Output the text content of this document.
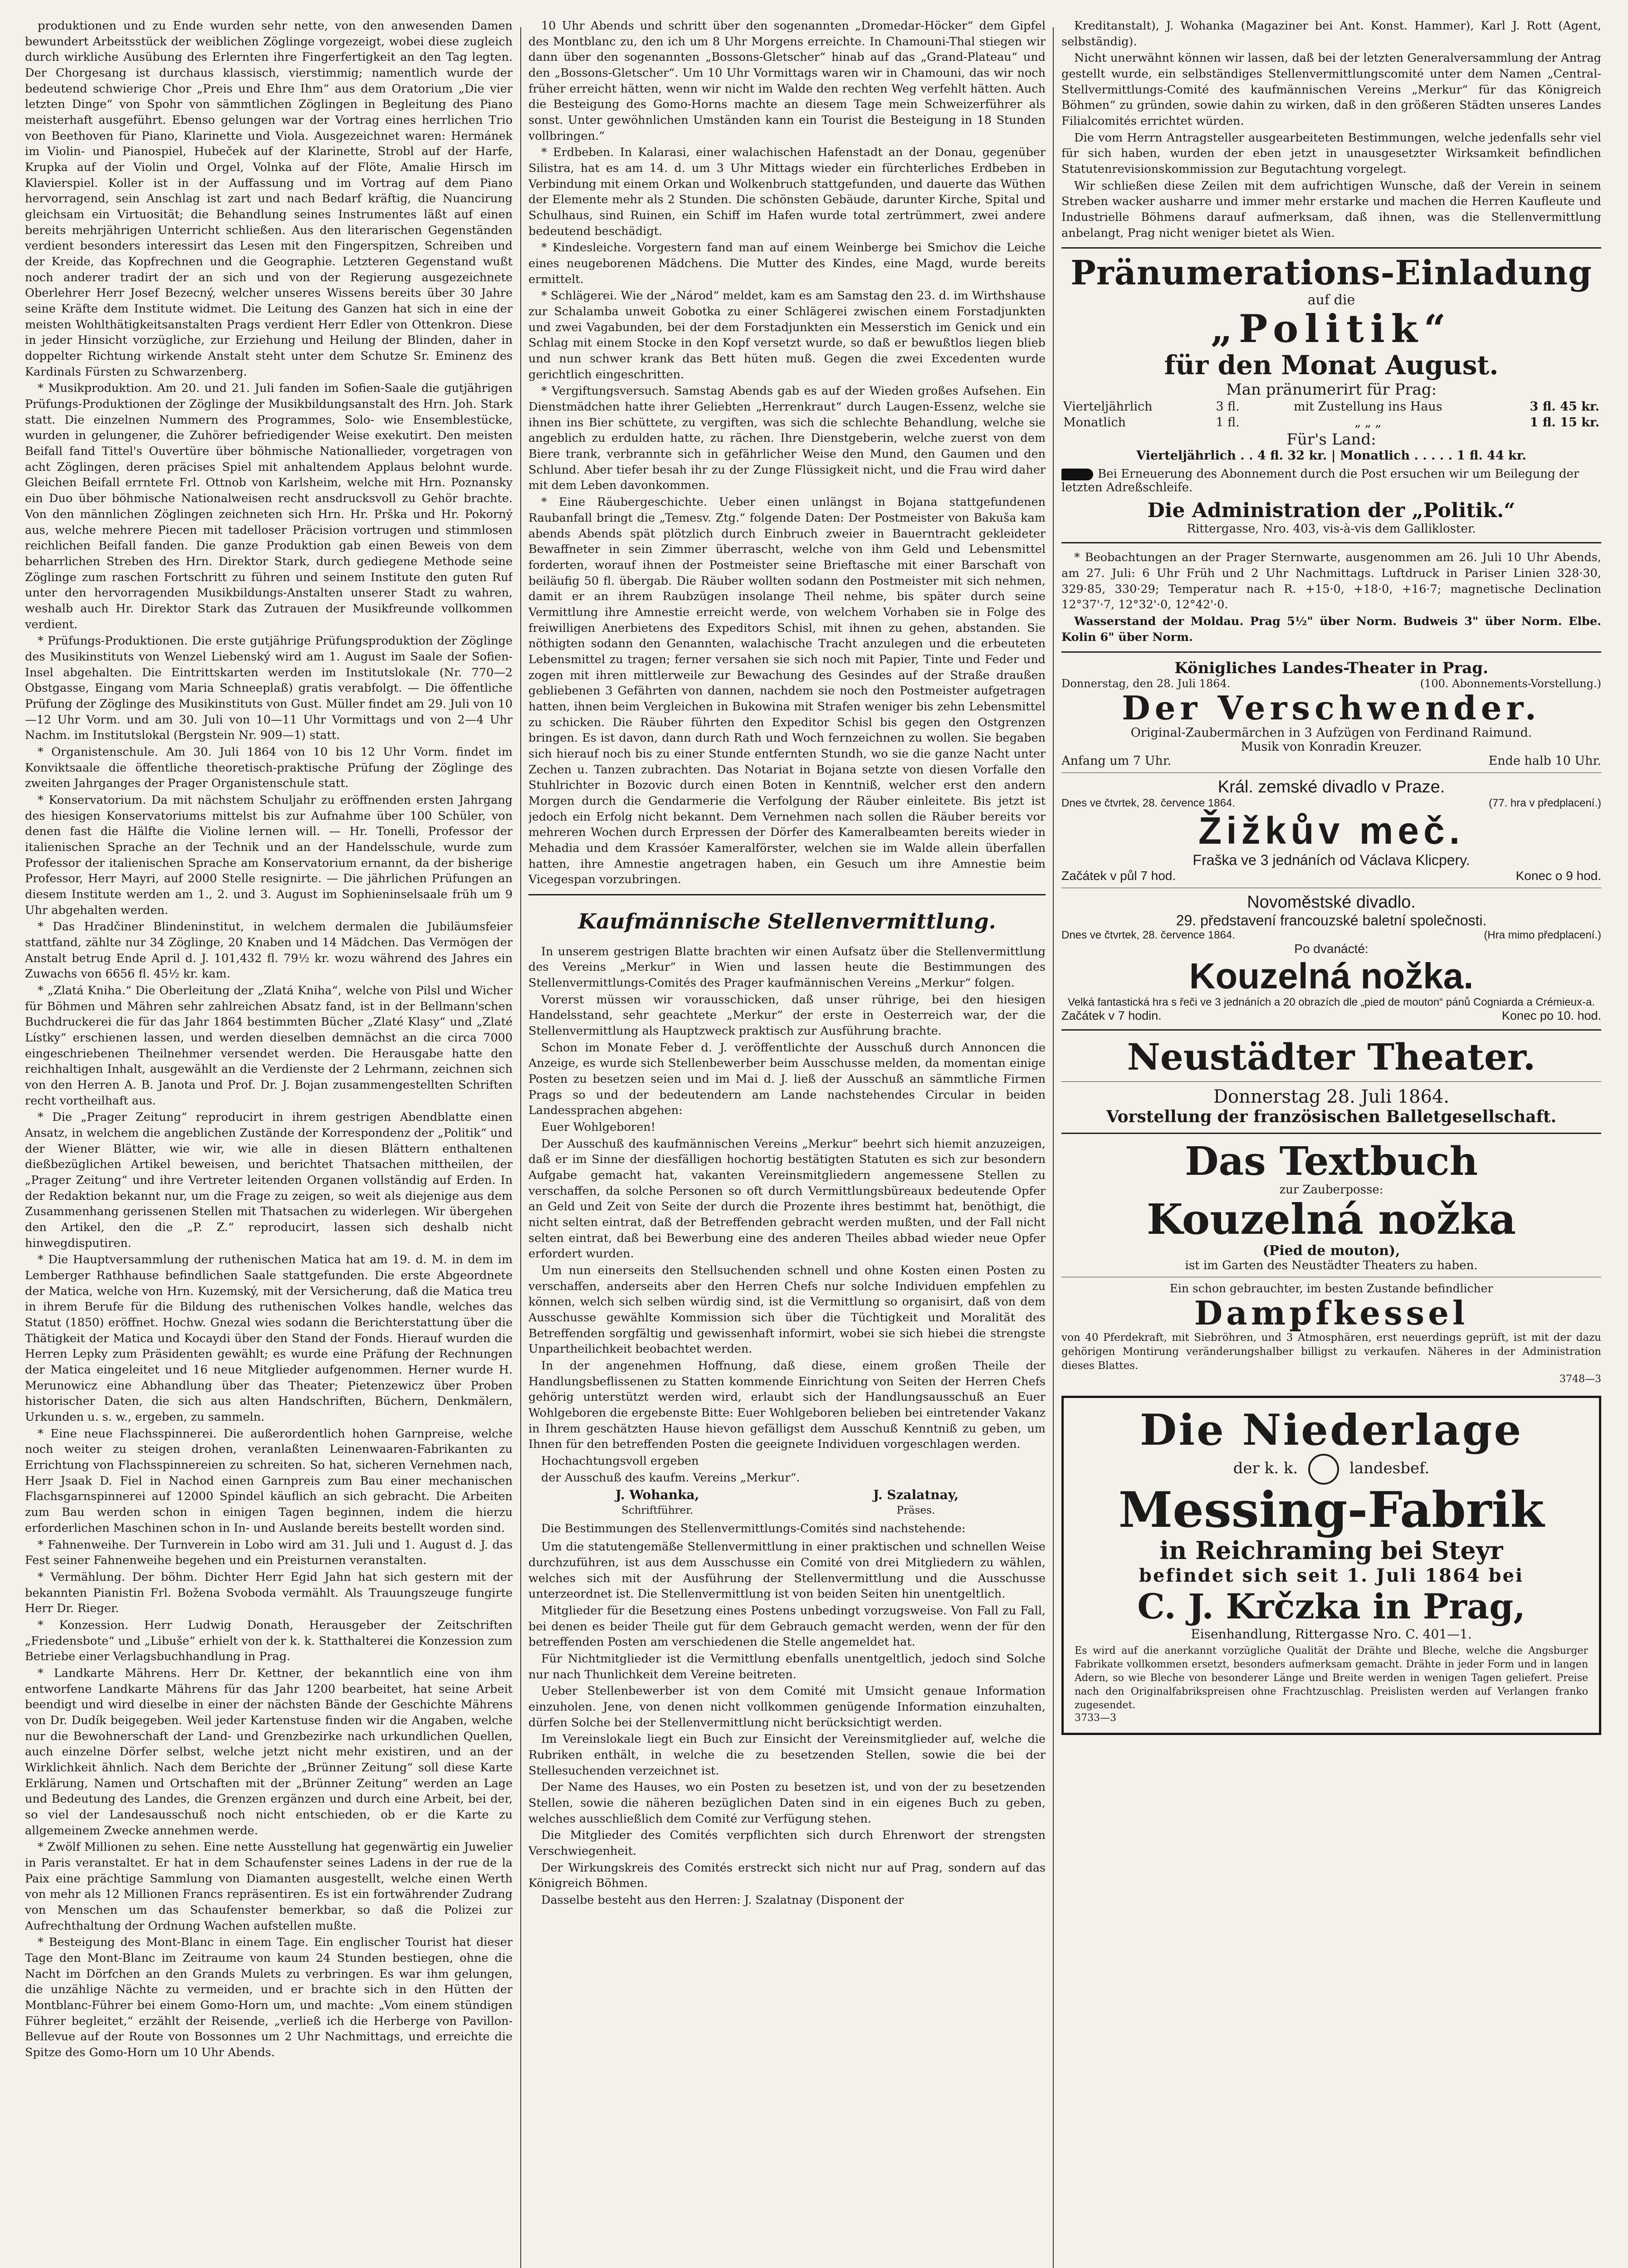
produktionen und zu Ende wurden sehr nette, von den anwesenden Damen bewundert Arbeitsstück der weiblichen Zöglinge vorgezeigt, wobei diese zugleich durch wirkliche Ausübung des Erlernten ihre Fingerfertigkeit an den Tag legten. Der Chorgesang ist durchaus klassisch, vierstimmig; namentlich wurde der bedeutend schwierige Chor „Preis und Ehre Ihm“ aus dem Oratorium „Die vier letzten Dinge“ von Spohr von sämmtlichen Zöglingen in Begleitung des Piano meisterhaft ausgeführt. Ebenso gelungen war der Vortrag eines herrlichen Trio von Beethoven für Piano, Klarinette und Viola. Ausgezeichnet waren: Hermánek im Violin- und Pianospiel, Hubeček auf der Klarinette, Strobl auf der Harfe, Krupka auf der Violin und Orgel, Volnka auf der Flöte, Amalie Hirsch im Klavierspiel. Koller ist in der Auffassung und im Vortrag auf dem Piano hervorragend, sein Anschlag ist zart und nach Bedarf kräftig, die Nuancirung gleichsam ein Virtuosität; die Behandlung seines Instrumentes läßt auf einen bereits mehrjährigen Unterricht schließen. Aus den literarischen Gegenständen verdient besonders interessirt das Lesen mit den Fingerspitzen, Schreiben und der Kreide, das Kopfrechnen und die Geographie. Letzteren Gegenstand wußt noch anderer tradirt der an sich und von der Regierung ausgezeichnete Oberlehrer Herr Josef Bezecný, welcher unseres Wissens bereits über 30 Jahre seine Kräfte dem Institute widmet. Die Leitung des Ganzen hat sich in eine der meisten Wohlthätigkeitsanstalten Prags verdient Herr Edler von Ottenkron. Diese in jeder Hinsicht vorzügliche, zur Erziehung und Heilung der Blinden, daher in doppelter Richtung wirkende Anstalt steht unter dem Schutze Sr. Eminenz des Kardinals Fürsten zu Schwarzenberg.

* Musikproduktion. Am 20. und 21. Juli fanden im Sofien-Saale die gutjährigen Prüfungs-Produktionen der Zöglinge der Musikbildungsanstalt des Hrn. Joh. Stark statt. Die einzelnen Nummern des Programmes, Solo- wie Ensemblestücke, wurden in gelungener, die Zuhörer befriedigender Weise exekutirt. Den meisten Beifall fand Tittel's Ouvertüre über böhmische Nationallieder, vorgetragen von acht Zöglingen, deren präcises Spiel mit anhaltendem Applaus belohnt wurde. Gleichen Beifall errntete Frl. Ottnob von Karlsheim, welche mit Hrn. Poznansky ein Duo über böhmische Nationalweisen recht ansdrucksvoll zu Gehör brachte. Von den männlichen Zöglingen zeichneten sich Hrn. Hr. Prška und Hr. Pokorný aus, welche mehrere Piecen mit tadelloser Präcision vortrugen und stimmlosen reichlichen Beifall fanden. Die ganze Produktion gab einen Beweis von dem beharrlichen Streben des Hrn. Direktor Stark, durch gediegene Methode seine Zöglinge zum raschen Fortschritt zu führen und seinem Institute den guten Ruf unter den hervorragenden Musikbildungs-Anstalten unserer Stadt zu wahren, weshalb auch Hr. Direktor Stark das Zutrauen der Musikfreunde vollkommen verdient.

* Prüfungs-Produktionen. Die erste gutjährige Prüfungsproduktion der Zöglinge des Musikinstituts von Wenzel Liebenský wird am 1. August im Saale der Sofien-Insel abgehalten. Die Eintrittskarten werden im Institutslokale (Nr. 770—2 Obstgasse, Eingang vom Maria Schneeplaß) gratis verabfolgt. — Die öffentliche Prüfung der Zöglinge des Musikinstituts von Gust. Müller findet am 29. Juli von 10—12 Uhr Vorm. und am 30. Juli von 10—11 Uhr Vormittags und von 2—4 Uhr Nachm. im Institutslokal (Bergstein Nr. 909—1) statt.

* Organistenschule. Am 30. Juli 1864 von 10 bis 12 Uhr Vorm. findet im Konviktsaale die öffentliche theoretisch-praktische Prüfung der Zöglinge des zweiten Jahrganges der Prager Organistenschule statt.

* Konservatorium. Da mit nächstem Schuljahr zu eröffnenden ersten Jahrgang des hiesigen Konservatoriums mittelst bis zur Aufnahme über 100 Schüler, von denen fast die Hälfte die Violine lernen will. — Hr. Tonelli, Professor der italienischen Sprache an der Technik und an der Handelsschule, wurde zum Professor der italienischen Sprache am Konservatorium ernannt, da der bisherige Professor, Herr Mayri, auf 2000 Stelle resignirte. — Die jährlichen Prüfungen an diesem Institute werden am 1., 2. und 3. August im Sophieninselsaale früh um 9 Uhr abgehalten werden.

* Das Hradčiner Blindeninstitut, in welchem dermalen die Jubiläumsfeier stattfand, zählte nur 34 Zöglinge, 20 Knaben und 14 Mädchen. Das Vermögen der Anstalt betrug Ende April d. J. 101,432 fl. 79½ kr. wozu während des Jahres ein Zuwachs von 6656 fl. 45½ kr. kam.

* „Zlatá Kniha.“ Die Oberleitung der „Zlatá Kniha“, welche von Pilsl und Wicher für Böhmen und Mähren sehr zahlreichen Absatz fand, ist in der Bellmann'schen Buchdruckerei die für das Jahr 1864 bestimmten Bücher „Zlaté Klasy“ und „Zlaté Lístky“ erschienen lassen, und werden dieselben demnächst an die circa 7000 eingeschriebenen Theilnehmer versendet werden. Die Herausgabe hatte den reichhaltigen Inhalt, ausgewählt an die Verdienste der 2 Lehrmann, zeichnen sich von den Herren A. B. Janota und Prof. Dr. J. Bojan zusammengestellten Schriften recht vortheilhaft aus.

* Die „Prager Zeitung“ reproducirt in ihrem gestrigen Abendblatte einen Ansatz, in welchem die angeblichen Zustände der Korrespondenz der „Politik“ und der Wiener Blätter, wie wir, wie alle in diesen Blättern enthaltenen dießbezüglichen Artikel beweisen, und berichtet Thatsachen mittheilen, der „Prager Zeitung“ und ihre Vertreter leitenden Organen vollständig auf Erden. In der Redaktion bekannt nur, um die Frage zu zeigen, so weit als diejenige aus dem Zusammenhang gerissenen Stellen mit Thatsachen zu widerlegen. Wir übergehen den Artikel, den die „P. Z.“ reproducirt, lassen sich deshalb nicht hinwegdisputiren.

* Die Hauptversammlung der ruthenischen Matica hat am 19. d. M. in dem im Lemberger Rathhause befindlichen Saale stattgefunden. Die erste Abgeordnete der Matica, welche von Hrn. Kuzemský, mit der Versicherung, daß die Matica treu in ihrem Berufe für die Bildung des ruthenischen Volkes handle, welches das Statut (1850) eröffnet. Hochw. Gnezal wies sodann die Berichterstattung über die Thätigkeit der Matica und Kocaydi über den Stand der Fonds. Hierauf wurden die Herren Lepky zum Präsidenten gewählt; es wurde eine Präfung der Rechnungen der Matica eingeleitet und 16 neue Mitglieder aufgenommen. Herner wurde H. Merunowicz eine Abhandlung über das Theater; Pietenzewicz über Proben historischer Daten, die sich aus alten Handschriften, Büchern, Denkmälern, Urkunden u. s. w., ergeben, zu sammeln.

* Eine neue Flachsspinnerei. Die außerordentlich hohen Garnpreise, welche noch weiter zu steigen drohen, veranlaßten Leinenwaaren-Fabrikanten zu Errichtung von Flachsspinnereien zu schreiten. So hat, sicheren Vernehmen nach, Herr Jsaak D. Fiel in Nachod einen Garnpreis zum Bau einer mechanischen Flachsgarnspinnerei auf 12000 Spindel käuflich an sich gebracht. Die Arbeiten zum Bau werden schon in einigen Tagen beginnen, indem die hierzu erforderlichen Maschinen schon in In- und Auslande bereits bestellt worden sind.

* Fahnenweihe. Der Turnverein in Lobo wird am 31. Juli und 1. August d. J. das Fest seiner Fahnenweihe begehen und ein Preisturnen veranstalten.

* Vermählung. Der böhm. Dichter Herr Egid Jahn hat sich gestern mit der bekannten Pianistin Frl. Božena Svoboda vermählt. Als Trauungszeuge fungirte Herr Dr. Rieger.

* Konzession. Herr Ludwig Donath, Herausgeber der Zeitschriften „Friedensbote“ und „Libuše“ erhielt von der k. k. Statthalterei die Konzession zum Betriebe einer Verlagsbuchhandlung in Prag.

* Landkarte Mährens. Herr Dr. Kettner, der bekanntlich eine von ihm entworfene Landkarte Mährens für das Jahr 1200 bearbeitet, hat seine Arbeit beendigt und wird dieselbe in einer der nächsten Bände der Geschichte Mährens von Dr. Dudík beigegeben. Weil jeder Kartenstuse finden wir die Angaben, welche nur die Bewohnerschaft der Land- und Grenzbezirke nach urkundlichen Quellen, auch einzelne Dörfer selbst, welche jetzt nicht mehr existiren, und an der Wirklichkeit ähnlich. Nach dem Berichte der „Brünner Zeitung“ soll diese Karte Erklärung, Namen und Ortschaften mit der „Brünner Zeitung“ werden an Lage und Bedeutung des Landes, die Grenzen ergänzen und durch eine Arbeit, bei der, so viel der Landesausschuß noch nicht entschieden, ob er die Karte zu allgemeinem Zwecke annehmen werde.

* Zwölf Millionen zu sehen. Eine nette Ausstellung hat gegenwärtig ein Juwelier in Paris veranstaltet. Er hat in dem Schaufenster seines Ladens in der rue de la Paix eine prächtige Sammlung von Diamanten ausgestellt, welche einen Werth von mehr als 12 Millionen Francs repräsentiren. Es ist ein fortwährender Zudrang von Menschen um das Schaufenster bemerkbar, so daß die Polizei zur Aufrechthaltung der Ordnung Wachen aufstellen mußte.

* Besteigung des Mont-Blanc in einem Tage. Ein englischer Tourist hat dieser Tage den Mont-Blanc im Zeitraume von kaum 24 Stunden bestiegen, ohne die Nacht im Dörfchen an den Grands Mulets zu verbringen. Es war ihm gelungen, die unzählige Nächte zu vermeiden, und er brachte sich in den Hütten der Montblanc-Führer bei einem Gomo-Horn um, und machte: „Vom einem stündigen Führer begleitet,“ erzählt der Reisende, „verließ ich die Herberge von Pavillon-Bellevue auf der Route von Bossonnes um 2 Uhr Nachmittags, und erreichte die Spitze des Gomo-Horn um 10 Uhr Abends.

10 Uhr Abends und schritt über den sogenannten „Dromedar-Höcker“ dem Gipfel des Montblanc zu, den ich um 8 Uhr Morgens erreichte. In Chamouni-Thal stiegen wir dann über den sogenannten „Bossons-Gletscher“ hinab auf das „Grand-Plateau“ und den „Bossons-Gletscher“. Um 10 Uhr Vormittags waren wir in Chamouni, das wir noch früher erreicht hätten, wenn wir nicht im Walde den rechten Weg verfehlt hätten. Auch die Besteigung des Gomo-Horns machte an diesem Tage mein Schweizerführer als sonst. Unter gewöhnlichen Umständen kann ein Tourist die Besteigung in 18 Stunden vollbringen.“

* Erdbeben. In Kalarasi, einer walachischen Hafenstadt an der Donau, gegenüber Silistra, hat es am 14. d. um 3 Uhr Mittags wieder ein fürchterliches Erdbeben in Verbindung mit einem Orkan und Wolkenbruch stattgefunden, und dauerte das Wüthen der Elemente mehr als 2 Stunden. Die schönsten Gebäude, darunter Kirche, Spital und Schulhaus, sind Ruinen, ein Schiff im Hafen wurde total zertrümmert, zwei andere bedeutend beschädigt.

* Kindesleiche. Vorgestern fand man auf einem Weinberge bei Smichov die Leiche eines neugeborenen Mädchens. Die Mutter des Kindes, eine Magd, wurde bereits ermittelt.

* Schlägerei. Wie der „Národ“ meldet, kam es am Samstag den 23. d. im Wirthshause zur Schalamba unweit Gobotka zu einer Schlägerei zwischen einem Forstadjunkten und zwei Vagabunden, bei der dem Forstadjunkten ein Messerstich im Genick und ein Schlag mit einem Stocke in den Kopf versetzt wurde, so daß er bewußtlos liegen blieb und nun schwer krank das Bett hüten muß. Gegen die zwei Excedenten wurde gerichtlich eingeschritten.

* Vergiftungsversuch. Samstag Abends gab es auf der Wieden großes Aufsehen. Ein Dienstmädchen hatte ihrer Geliebten „Herrenkraut“ durch Laugen-Essenz, welche sie ihnen ins Bier schüttete, zu vergiften, was sich die schlechte Behandlung, welche sie angeblich zu erdulden hatte, zu rächen. Ihre Dienstgeberin, welche zuerst von dem Biere trank, verbrannte sich in gefährlicher Weise den Mund, den Gaumen und den Schlund. Aber tiefer besah ihr zu der Zunge Flüssigkeit nicht, und die Frau wird daher mit dem Leben davonkommen.

* Eine Räubergeschichte. Ueber einen unlängst in Bojana stattgefundenen Raubanfall bringt die „Temesv. Ztg.“ folgende Daten: Der Postmeister von Bakuša kam abends Abends spät plötzlich durch Einbruch zweier in Bauerntracht gekleideter Bewaffneter in sein Zimmer überrascht, welche von ihm Geld und Lebensmittel forderten, worauf ihnen der Postmeister seine Brieftasche mit einer Barschaft von beiläufig 50 fl. übergab. Die Räuber wollten sodann den Postmeister mit sich nehmen, damit er an ihrem Raubzügen insolange Theil nehme, bis später durch seine Vermittlung ihre Amnestie erreicht werde, von welchem Vorhaben sie in Folge des freiwilligen Anerbietens des Expeditors Schisl, mit ihnen zu gehen, abstanden. Sie nöthigten sodann den Genannten, walachische Tracht anzulegen und die erbeuteten Lebensmittel zu tragen; ferner versahen sie sich noch mit Papier, Tinte und Feder und zogen mit ihren mittlerweile zur Bewachung des Gesindes auf der Straße draußen gebliebenen 3 Gefährten von dannen, nachdem sie noch den Postmeister aufgetragen hatten, ihnen beim Vergleichen in Bukowina mit Strafen weniger bis zehn Lebensmittel zu schicken. Die Räuber führten den Expeditor Schisl bis gegen den Ostgrenzen bringen. Es ist davon, dann durch Rath und Woch fernzeichnen zu wollen. Sie begaben sich hierauf noch bis zu einer Stunde entfernten Stundh, wo sie die ganze Nacht unter Zechen u. Tanzen zubrachten. Das Notariat in Bojana setzte von diesen Vorfalle den Stuhlrichter in Bozovic durch einen Boten in Kenntniß, welcher erst den andern Morgen durch die Gendarmerie die Verfolgung der Räuber einleitete. Bis jetzt ist jedoch ein Erfolg nicht bekannt. Dem Vernehmen nach sollen die Räuber bereits vor mehreren Wochen durch Erpressen der Dörfer des Kameralbeamten bereits wieder in Mehadia und dem Krassóer Kameralförster, welchen sie im Walde allein überfallen hatten, ihre Amnestie angetragen haben, ein Gesuch um ihre Amnestie beim Vicegespan vorzubringen.

Kaufmännische Stellenvermittlung.

In unserem gestrigen Blatte brachten wir einen Aufsatz über die Stellenvermittlung des Vereins „Merkur“ in Wien und lassen heute die Bestimmungen des Stellenvermittlungs-Comités des Prager kaufmännischen Vereins „Merkur“ folgen.

Vorerst müssen wir vorausschicken, daß unser rührige, bei den hiesigen Handelsstand, sehr geachtete „Merkur“ der erste in Oesterreich war, der die Stellenvermittlung als Hauptzweck praktisch zur Ausführung brachte.

Schon im Monate Feber d. J. veröffentlichte der Ausschuß durch Annoncen die Anzeige, es wurde sich Stellenbewerber beim Ausschusse melden, da momentan einige Posten zu besetzen seien und im Mai d. J. ließ der Ausschuß an sämmtliche Firmen Prags so und der bedeutendern am Lande nachstehendes Circular in beiden Landessprachen abgehen:

Euer Wohlgeboren!

Der Ausschuß des kaufmännischen Vereins „Merkur“ beehrt sich hiemit anzuzeigen, daß er im Sinne der diesfälligen hochortig bestätigten Statuten es sich zur besondern Aufgabe gemacht hat, vakanten Vereinsmitgliedern angemessene Stellen zu verschaffen, da solche Personen so oft durch Vermittlungsbüreaux bedeutende Opfer an Geld und Zeit von Seite der durch die Prozente ihres bestimmt hat, benöthigt, die nicht selten eintrat, daß der Betreffenden gebracht werden mußten, und der Fall nicht selten eintrat, daß bei Bewerbung eine des anderen Theiles abbad wieder neue Opfer erfordert wurden.

Um nun einerseits den Stellsuchenden schnell und ohne Kosten einen Posten zu verschaffen, anderseits aber den Herren Chefs nur solche Individuen empfehlen zu können, welch sich selben würdig sind, ist die Vermittlung so organisirt, daß von dem Ausschusse gewählte Kommission sich über die Tüchtigkeit und Moralität des Betreffenden sorgfältig und gewissenhaft informirt, wobei sie sich hiebei die strengste Unpartheilichkeit beobachtet werden.

In der angenehmen Hoffnung, daß diese, einem großen Theile der Handlungsbeflissenen zu Statten kommende Einrichtung von Seiten der Herren Chefs gehörig unterstützt werden wird, erlaubt sich der Handlungsausschuß an Euer Wohlgeboren die ergebenste Bitte: Euer Wohlgeboren belieben bei eintretender Vakanz in Ihrem geschätzten Hause hievon gefälligst dem Ausschuß Kenntniß zu geben, um Ihnen für den betreffenden Posten die geeignete Individuen vorgeschlagen werden.

Hochachtungsvoll ergeben

der Ausschuß des kaufm. Vereins „Merkur“.

J. Wohanka,
Schriftführer.
J. Szalatnay,
Präses.

Die Bestimmungen des Stellenvermittlungs-Comités sind nachstehende:

Um die statutengemäße Stellenvermittlung in einer praktischen und schnellen Weise durchzuführen, ist aus dem Ausschusse ein Comité von drei Mitgliedern zu wählen, welches sich mit der Ausführung der Stellenvermittlung und die Ausschusse unterzeordnet ist. Die Stellenvermittlung ist von beiden Seiten hin unentgeltlich.

Mitglieder für die Besetzung eines Postens unbedingt vorzugsweise. Von Fall zu Fall, bei denen es beider Theile gut für dem Gebrauch gemacht werden, wenn der für den betreffenden Posten am verschiedenen die Stelle angemeldet hat.

Für Nichtmitglieder ist die Vermittlung ebenfalls unentgeltlich, jedoch sind Solche nur nach Thunlichkeit dem Vereine beitreten.

Ueber Stellenbewerber ist von dem Comité mit Umsicht genaue Information einzuholen. Jene, von denen nicht vollkommen genügende Information einzuhalten, dürfen Solche bei der Stellenvermittlung nicht berücksichtigt werden.

Im Vereinslokale liegt ein Buch zur Einsicht der Vereinsmitglieder auf, welche die Rubriken enthält, in welche die zu besetzenden Stellen, sowie die bei der Stellesuchenden verzeichnet ist.

Der Name des Hauses, wo ein Posten zu besetzen ist, und von der zu besetzenden Stellen, sowie die näheren bezüglichen Daten sind in ein eigenes Buch zu geben, welches ausschließlich dem Comité zur Verfügung stehen.

Die Mitglieder des Comités verpflichten sich durch Ehrenwort der strengsten Verschwiegenheit.

Der Wirkungskreis des Comités erstreckt sich nicht nur auf Prag, sondern auf das Königreich Böhmen.

Dasselbe besteht aus den Herren: J. Szalatnay (Disponent der

Kreditanstalt), J. Wohanka (Magaziner bei Ant. Konst. Hammer), Karl J. Rott (Agent, selbständig).

Nicht unerwähnt können wir lassen, daß bei der letzten Generalversammlung der Antrag gestellt wurde, ein selbständiges Stellenvermittlungscomité unter dem Namen „Central-Stellvermittlungs-Comité des kaufmännischen Vereins „Merkur“ für das Königreich Böhmen“ zu gründen, sowie dahin zu wirken, daß in den größeren Städten unseres Landes Filialcomités errichtet würden.

Die vom Herrn Antragsteller ausgearbeiteten Bestimmungen, welche jedenfalls sehr viel für sich haben, wurden der eben jetzt in unausgesetzter Wirksamkeit befindlichen Statutenrevisionskommission zur Begutachtung vorgelegt.

Wir schließen diese Zeilen mit dem aufrichtigen Wunsche, daß der Verein in seinem Streben wacker ausharre und immer mehr erstarke und machen die Herren Kaufleute und Industrielle Böhmens darauf aufmerksam, daß ihnen, was die Stellenvermittlung anbelangt, Prag nicht weniger bietet als Wien.

Pränumerations-Einladung
auf die
„Politik“
für den Monat August.
Man pränumerirt für Prag:
Vierteljährlich	3 fl.	mit Zustellung ins Haus	3 fl. 45 kr.
Monatlich	1 fl.	„ „ „	1 fl. 15 kr.
Für's Land:
Vierteljährlich . . 4 fl. 32 kr. | Monatlich . . . . . 1 fl. 44 kr.
Bei Erneuerung des Abonnement durch die Post ersuchen wir um Beilegung der letzten Adreßschleife.
Die Administration der „Politik.“
Rittergasse, Nro. 403, vis-à-vis dem Gallikloster.

* Beobachtungen an der Prager Sternwarte, ausgenommen am 26. Juli 10 Uhr Abends, am 27. Juli: 6 Uhr Früh und 2 Uhr Nachmittags. Luftdruck in Pariser Linien 328·30, 329·85, 330·29; Temperatur nach R. +15·0, +18·0, +16·7; magnetische Declination 12°37'·7, 12°32'·0, 12°42'·0.

Wasserstand der Moldau. Prag 5½" über Norm. Budweis 3" über Norm. Elbe. Kolin 6" über Norm.

Königliches Landes-Theater in Prag.
Donnerstag, den 28. Juli 1864.	(100. Abonnements-Vorstellung.)
Der Verschwender.
Original-Zaubermärchen in 3 Aufzügen von Ferdinand Raimund.
Musik von Konradin Kreuzer.
Anfang um 7 Uhr.	Ende halb 10 Uhr.
Král. zemské divadlo v Praze.
Dnes ve čtvrtek, 28. července 1864.	(77. hra v předplacení.)
Žižkův meč.
Fraška ve 3 jednáních od Václava Klicpery.
Začátek v půl 7 hod.	Konec o 9 hod.
Novoměstské divadlo.
29. představení francouzské baletní společnosti.
Dnes ve čtvrtek, 28. července 1864.	(Hra mimo předplacení.)
Po dvanácté:
Kouzelná nožka.
Velká fantastická hra s řeči ve 3 jednáních a 20 obrazích dle „pied de mouton“ pánů Cogniarda a Crémieux-a.
Začátek v 7 hodin.	Konec po 10. hod.
Neustädter Theater.
Donnerstag 28. Juli 1864.
Vorstellung der französischen Balletgesellschaft.
Das Textbuch
zur Zauberposse:
Kouzelná nožka
(Pied de mouton),
ist im Garten des Neustädter Theaters zu haben.
Ein schon gebrauchter, im besten Zustande befindlicher
Dampfkessel
von 40 Pferdekraft, mit Siebröhren, und 3 Atmosphären, erst neuerdings geprüft, ist mit der dazu gehörigen Montirung veränderungshalber billigst zu verkaufen. Näheres in der Administration dieses Blattes.
3748—3
Die Niederlage
der k. k.	landesbef.
Messing-Fabrik
in Reichraming bei Steyr
befindet sich seit 1. Juli 1864 bei
C. J. Krčzka in Prag,
Eisenhandlung, Rittergasse Nro. C. 401—1.
Es wird auf die anerkannt vorzügliche Qualität der Drähte und Bleche, welche die Angsburger Fabrikate vollkommen ersetzt, besonders aufmerksam gemacht. Drähte in jeder Form und in langen Adern, so wie Bleche von besonderer Länge und Breite werden in wenigen Tagen geliefert. Preise nach den Originalfabrikspreisen ohne Frachtzuschlag. Preislisten werden auf Verlangen franko zugesendet.
3733—3
